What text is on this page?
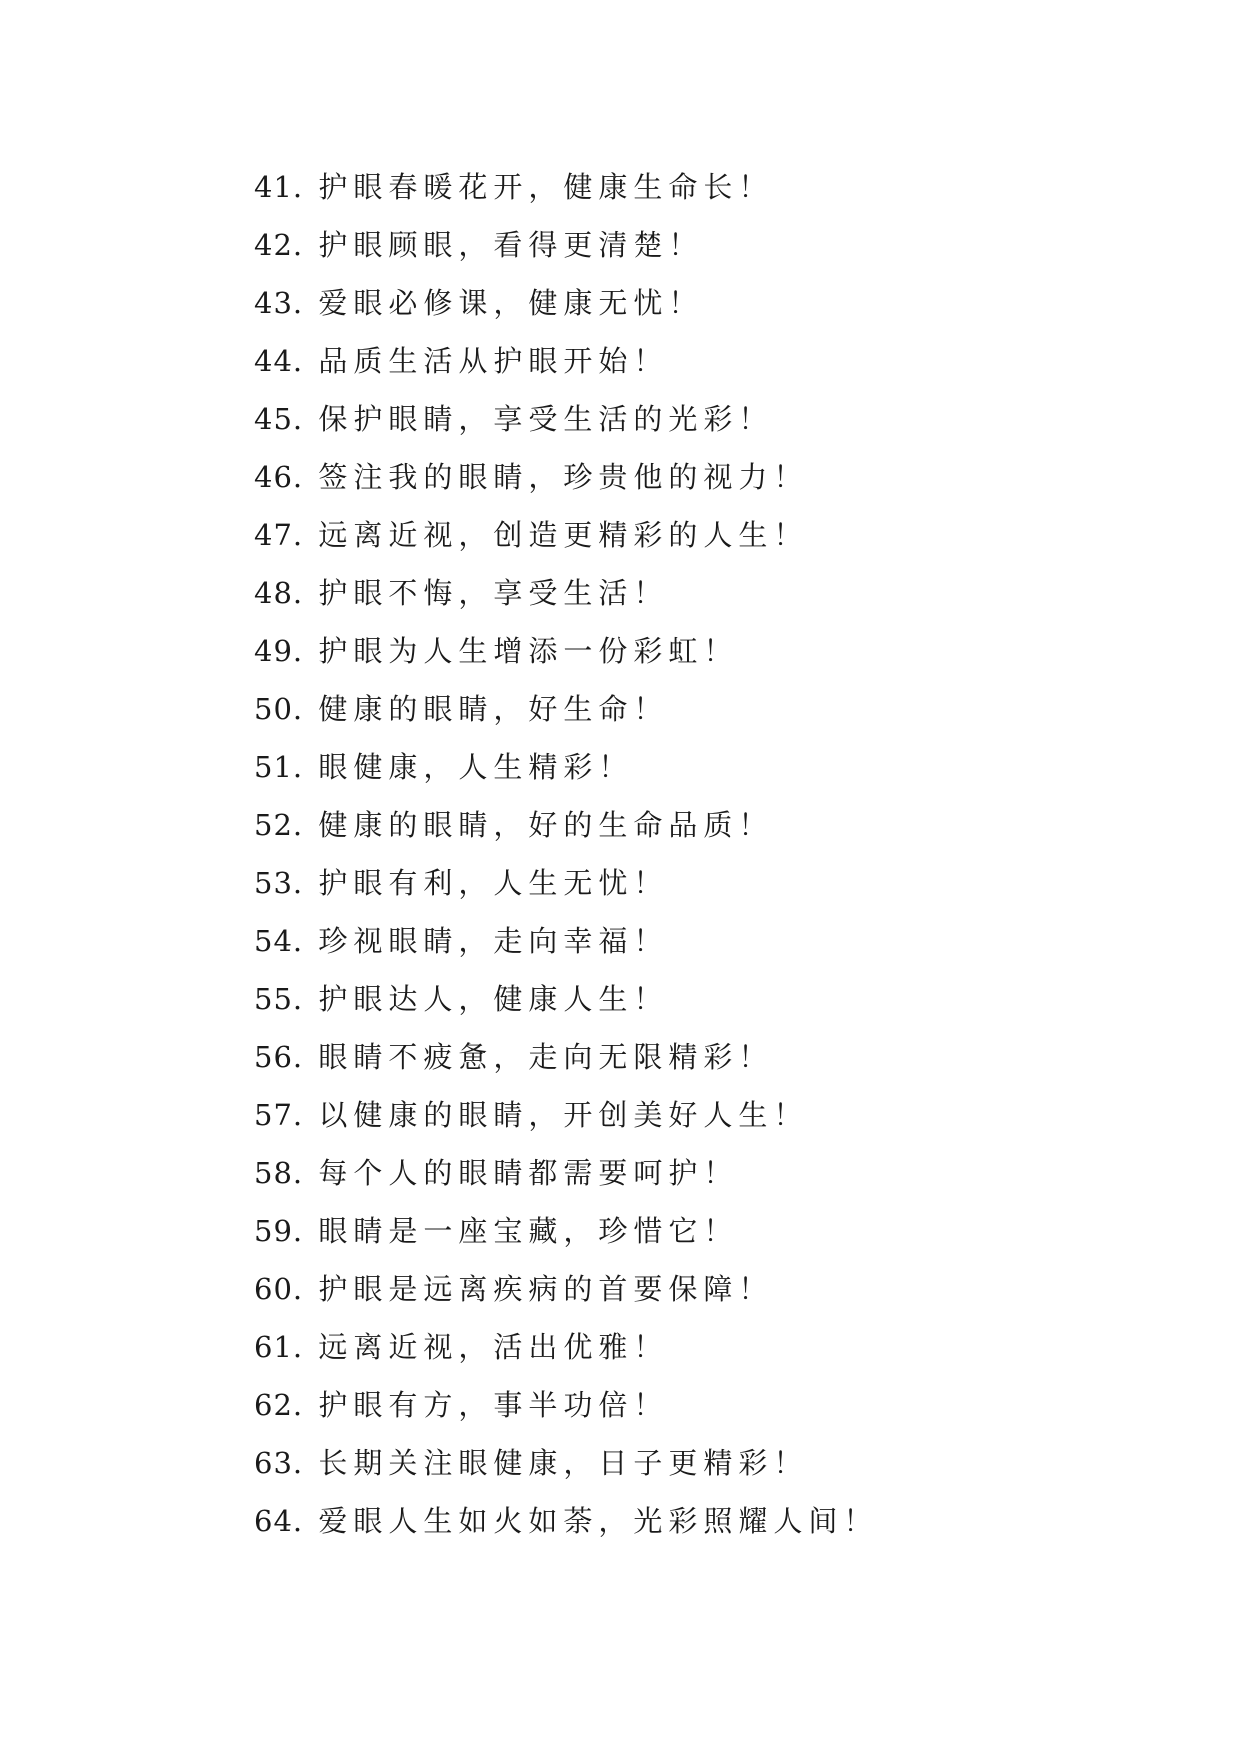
41. 护眼春暖花开，健康生命长！
42. 护眼顾眼，看得更清楚！
43. 爱眼必修课，健康无忧！
44. 品质生活从护眼开始！
45. 保护眼睛，享受生活的光彩！
46. 签注我的眼睛，珍贵他的视力！
47. 远离近视，创造更精彩的人生！
48. 护眼不悔，享受生活！
49. 护眼为人生增添一份彩虹！
50. 健康的眼睛，好生命！
51. 眼健康，人生精彩！
52. 健康的眼睛，好的生命品质！
53. 护眼有利，人生无忧！
54. 珍视眼睛，走向幸福！
55. 护眼达人，健康人生！
56. 眼睛不疲惫，走向无限精彩！
57. 以健康的眼睛，开创美好人生！
58. 每个人的眼睛都需要呵护！
59. 眼睛是一座宝藏，珍惜它！
60. 护眼是远离疾病的首要保障！
61. 远离近视，活出优雅！
62. 护眼有方，事半功倍！
63. 长期关注眼健康，日子更精彩！
64. 爱眼人生如火如荼，光彩照耀人间！
